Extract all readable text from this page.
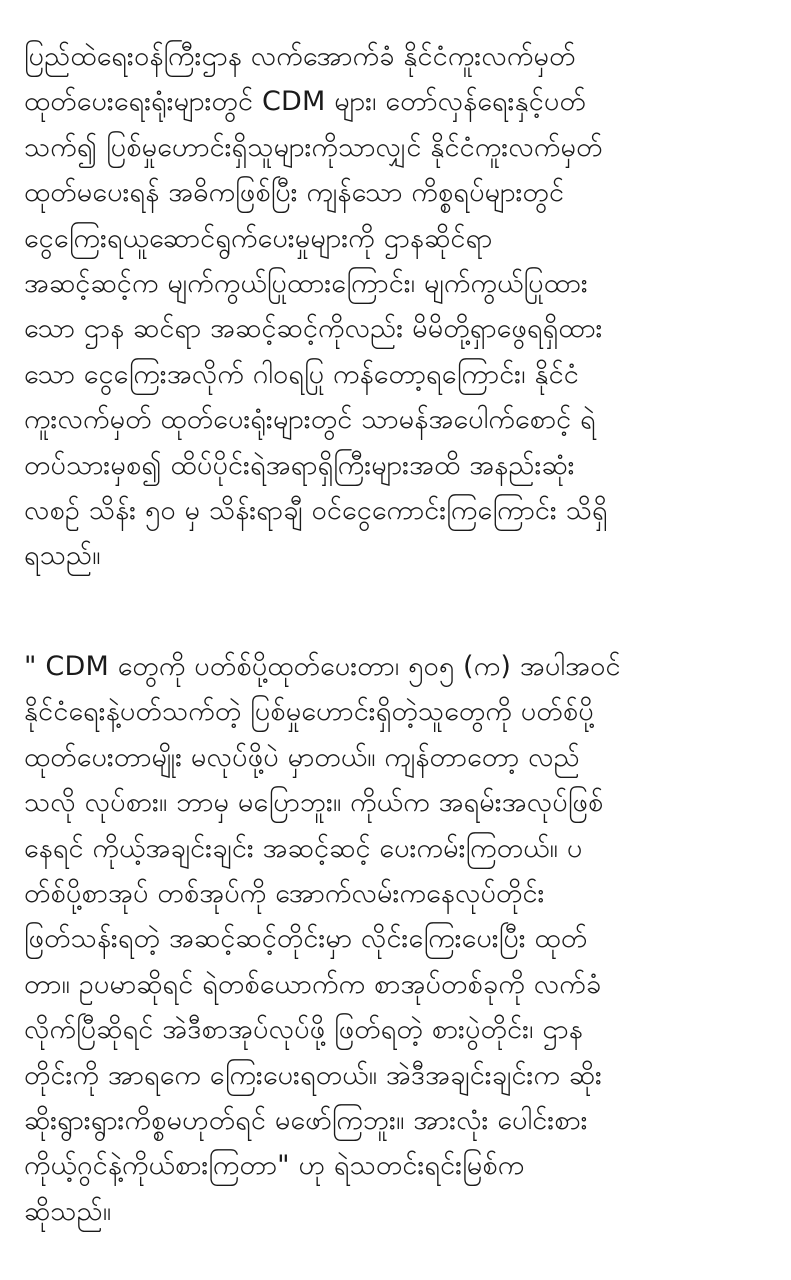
ပြည်ထဲရေးဝန်ကြီးဌာန လက်အောက်ခံ နိုင်ငံကူးလက်မှတ်
ထုတ်ပေးရေးရုံးများတွင် CDM များ၊ တော်လှန်ရေးနှင့်ပတ်
သက်၍ ပြစ်မှုဟောင်းရှိသူများကိုသာလျှင် နိုင်ငံကူးလက်မှတ်
ထုတ်မပေးရန် အဓိကဖြစ်ပြီး ကျန်သော ကိစ္စရပ်များတွင်
ငွေကြေးရယူဆောင်ရွက်ပေးမှုများကို ဌာနဆိုင်ရာ
အဆင့်ဆင့်က မျက်ကွယ်ပြုထားကြောင်း၊ မျက်ကွယ်ပြုထား
သော ဌာန ဆင်ရာ အဆင့်ဆင့်ကိုလည်း မိမိတို့ရှာဖွေရရှိထား
သော ငွေကြေးအလိုက် ဂါဝရပြု ကန်တော့ရကြောင်း၊ နိုင်ငံ
ကူးလက်မှတ် ထုတ်ပေးရုံးများတွင် သာမန်အပေါက်စောင့် ရဲ
တပ်သားမှစ၍ ထိပ်ပိုင်းရဲအရာရှိကြီးများအထိ အနည်းဆုံး
လစဉ် သိန်း ၅၀ မှ သိန်းရာချီ ဝင်ငွေကောင်းကြကြောင်း သိရှိ
ရသည်။
" CDM တွေကို ပတ်စ်ပို့ထုတ်ပေးတာ၊ ၅၀၅ (က) အပါအဝင်
နိုင်ငံရေးနဲ့ပတ်သက်တဲ့ ပြစ်မှုဟောင်းရှိတဲ့သူတွေကို ပတ်စ်ပို့
ထုတ်ပေးတာမျိုး မလုပ်ဖို့ပဲ မှာတယ်။ ကျန်တာတော့ လည်
သလို လုပ်စား။ ဘာမှ မပြောဘူး။ ကိုယ်က အရမ်းအလုပ်ဖြစ်
နေရင် ကိုယ့်အချင်းချင်း အဆင့်ဆင့် ပေးကမ်းကြတယ်။ ပ
တ်စ်ပို့စာအုပ် တစ်အုပ်ကို အောက်လမ်းကနေလုပ်တိုင်း
ဖြတ်သန်းရတဲ့ အဆင့်ဆင့်တိုင်းမှာ လိုင်းကြေးပေးပြီး ထုတ်
တာ။ ဥပမာဆိုရင် ရဲတစ်ယောက်က စာအုပ်တစ်ခုကို လက်ခံ
လိုက်ပြီဆိုရင် အဲဒီစာအုပ်လုပ်ဖို့ ဖြတ်ရတဲ့ စားပွဲတိုင်း၊ ဌာန
တိုင်းကို အာရကေ ကြေးပေးရတယ်။ အဲဒီအချင်းချင်းက ဆိုး
ဆိုးရွားရွားကိစ္စမဟုတ်ရင် မဖော်ကြဘူး။ အားလုံး ပေါင်းစား
ကိုယ့်ဂွင်နဲ့ကိုယ်စားကြတာ" ဟု ရဲသတင်းရင်းမြစ်က
ဆိုသည်။
